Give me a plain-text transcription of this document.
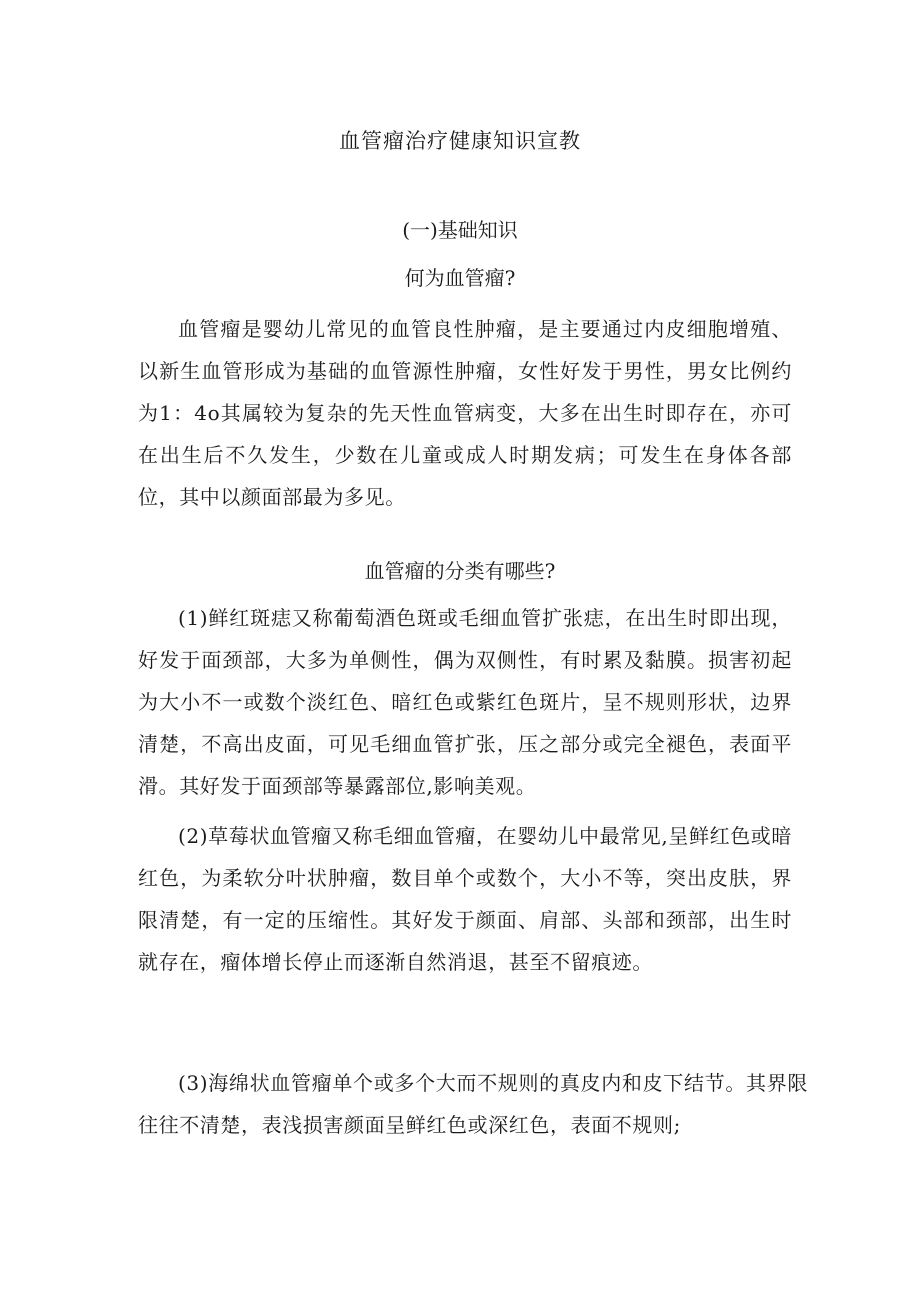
血管瘤治疗健康知识宣教
(一)基础知识
何为血管瘤?

血管瘤是婴幼儿常见的血管良性肿瘤，是主要通过内皮细胞增殖、以新生血管形成为基础的血管源性肿瘤，女性好发于男性，男女比例约为1：4o其属较为复杂的先天性血管病变，大多在出生时即存在，亦可在出生后不久发生，少数在儿童或成人时期发病；可发生在身体各部位，其中以颜面部最为多见。

血管瘤的分类有哪些?

(1)鲜红斑痣又称葡萄酒色斑或毛细血管扩张痣，在出生时即出现，好发于面颈部，大多为单侧性，偶为双侧性，有时累及黏膜。损害初起为大小不一或数个淡红色、暗红色或紫红色斑片，呈不规则形状，边界清楚，不高出皮面，可见毛细血管扩张，压之部分或完全褪色，表面平滑。其好发于面颈部等暴露部位,影响美观。

(2)草莓状血管瘤又称毛细血管瘤，在婴幼儿中最常见,呈鲜红色或暗红色，为柔软分叶状肿瘤，数目单个或数个，大小不等，突出皮肤，界限清楚，有一定的压缩性。其好发于颜面、肩部、头部和颈部，出生时就存在，瘤体增长停止而逐渐自然消退，甚至不留痕迹。

(3)海绵状血管瘤单个或多个大而不规则的真皮内和皮下结节。其界限往往不清楚，表浅损害颜面呈鲜红色或深红色，表面不规则;
